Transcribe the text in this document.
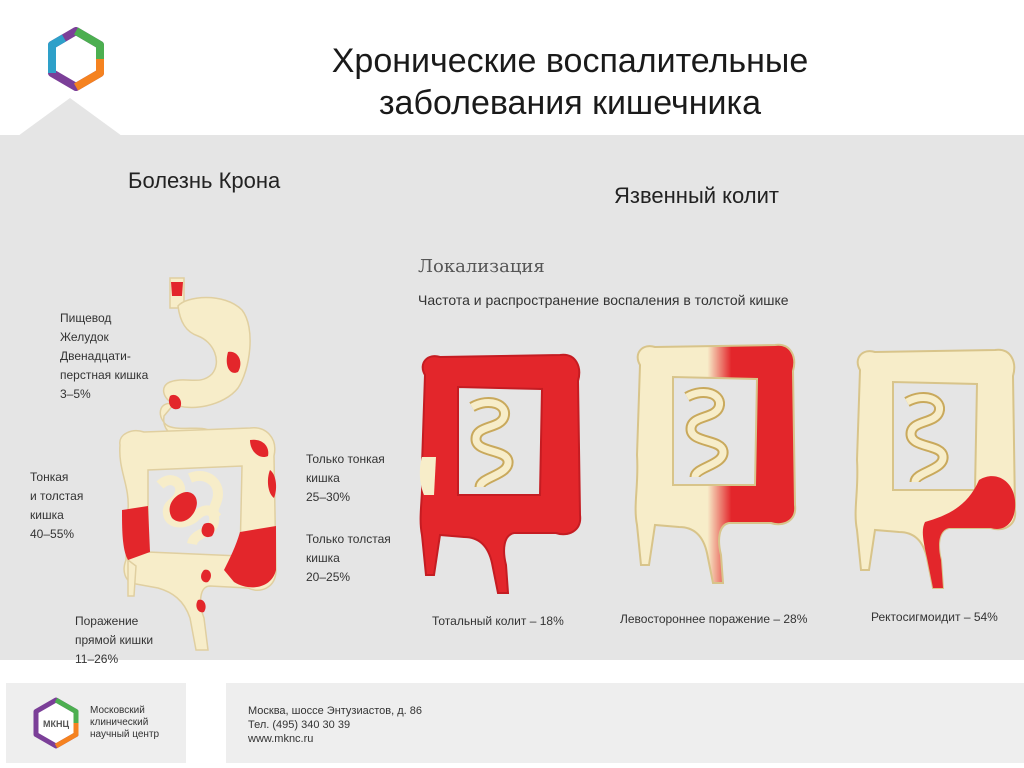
Хронические воспалительные
заболевания кишечника
Болезнь Крона
Язвенный колит
Локализация
Частота и распространение воспаления в толстой кишке
Пищевод
Желудок
Двенадцати-
перстная кишка
3–5%
Тонкая
и толстая
кишка
40–55%
Только тонкая
кишка
25–30%
Только толстая
кишка
20–25%
Поражение
прямой кишки
11–26%
Тотальный колит – 18%	Левостороннее поражение – 28%	Ректосигмоидит – 54%
МКНЦ
Московский
клинический
научный центр
Москва, шоссе Энтузиастов, д. 86
Тел. (495) 340 30 39
www.mknc.ru
